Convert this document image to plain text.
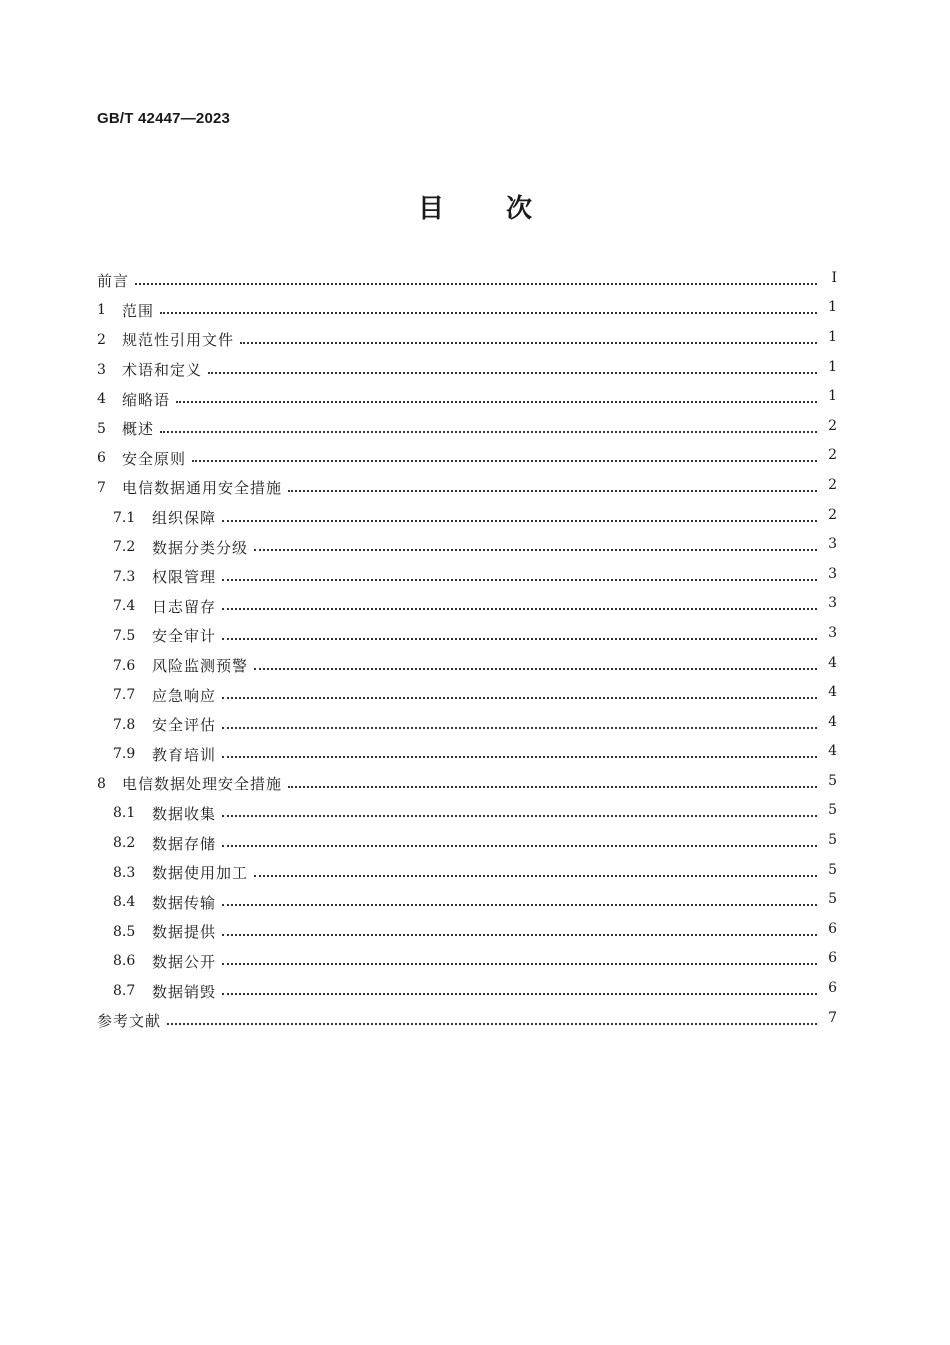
GB/T 42447—2023
目 次
前言	Ⅰ
1	范围	1
2	规范性引用文件	1
3	术语和定义	1
4	缩略语	1
5	概述	2
6	安全原则	2
7	电信数据通用安全措施	2
7.1	组织保障	2
7.2	数据分类分级	3
7.3	权限管理	3
7.4	日志留存	3
7.5	安全审计	3
7.6	风险监测预警	4
7.7	应急响应	4
7.8	安全评估	4
7.9	教育培训	4
8	电信数据处理安全措施	5
8.1	数据收集	5
8.2	数据存储	5
8.3	数据使用加工	5
8.4	数据传输	5
8.5	数据提供	6
8.6	数据公开	6
8.7	数据销毁	6
参考文献	7
